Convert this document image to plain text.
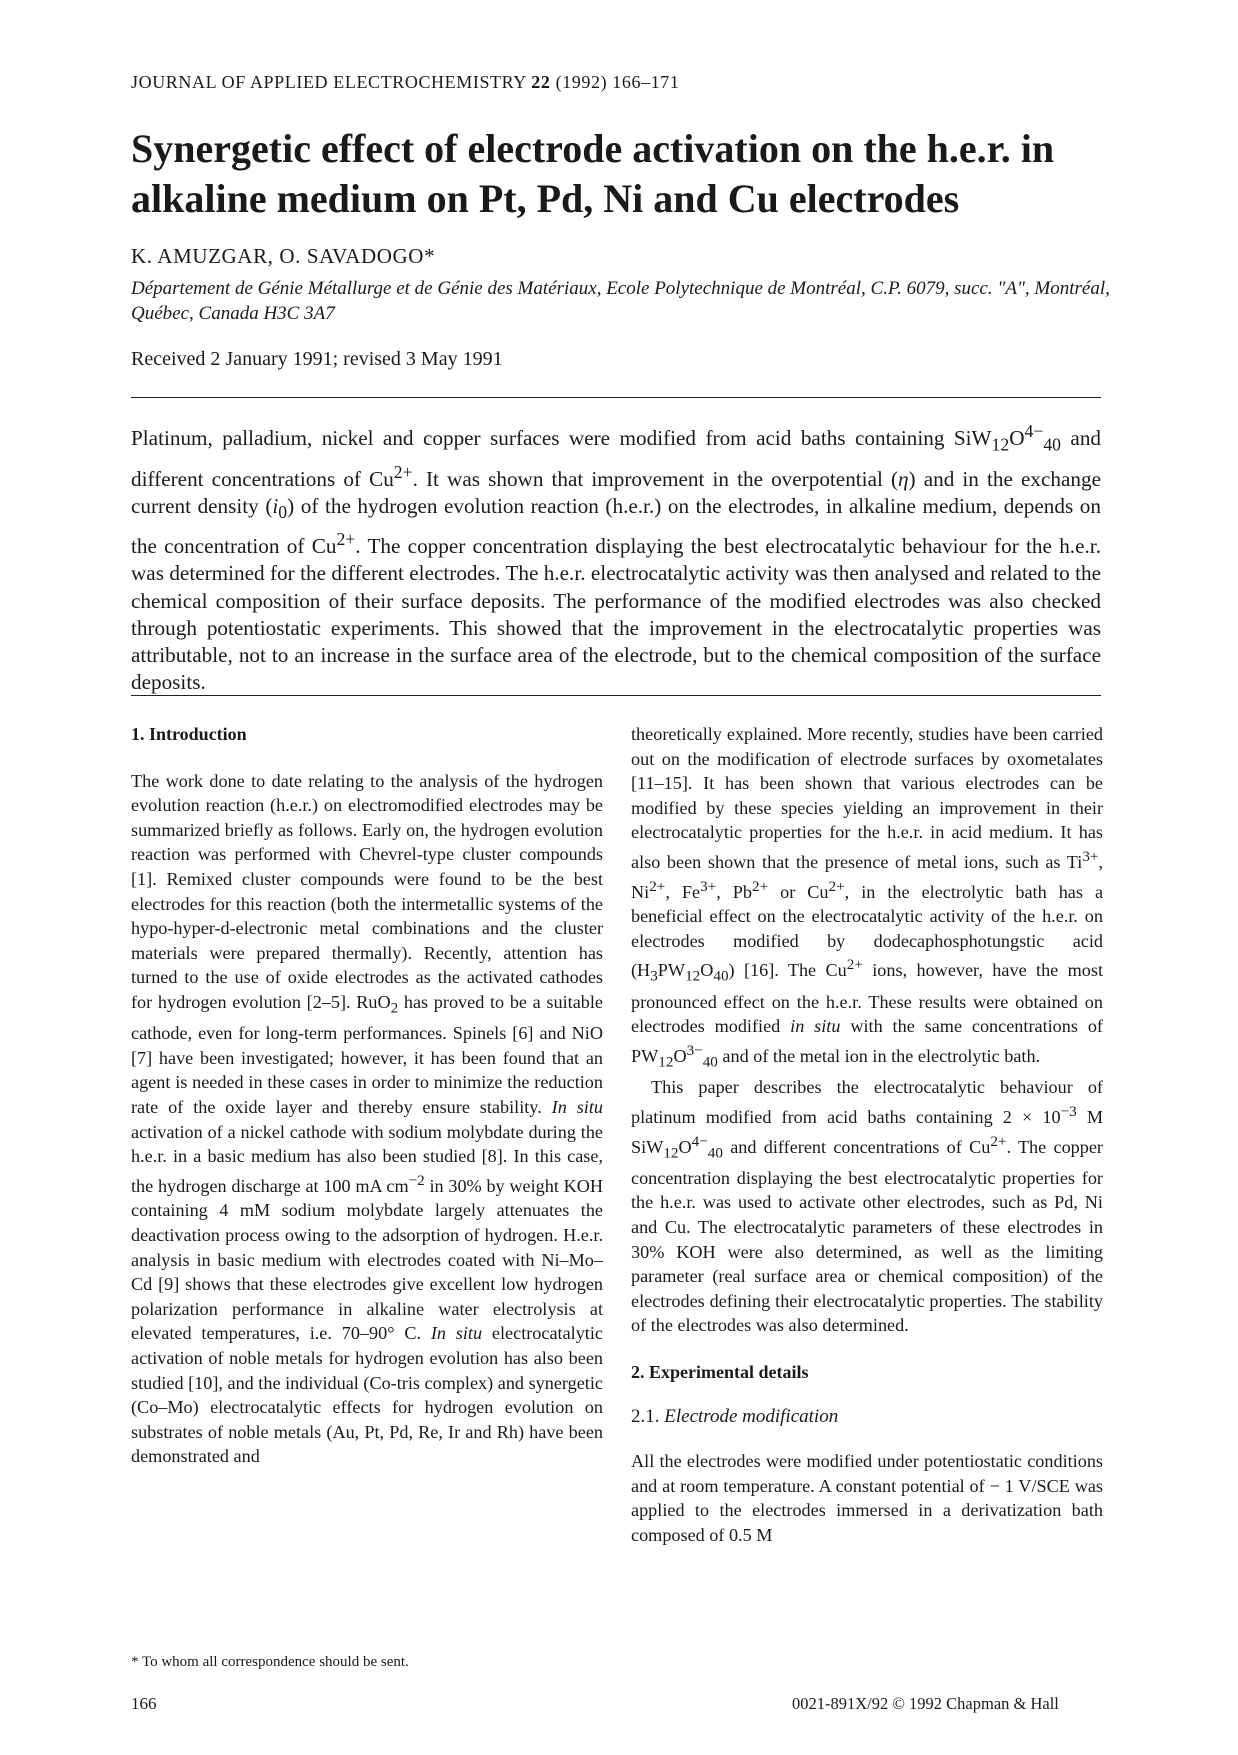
JOURNAL OF APPLIED ELECTROCHEMISTRY 22 (1992) 166–171
Synergetic effect of electrode activation on the h.e.r. in alkaline medium on Pt, Pd, Ni and Cu electrodes
K. AMUZGAR, O. SAVADOGO*
Département de Génie Métallurge et de Génie des Matériaux, Ecole Polytechnique de Montréal, C.P. 6079, succ. "A", Montréal, Québec, Canada H3C 3A7
Received 2 January 1991; revised 3 May 1991
Platinum, palladium, nickel and copper surfaces were modified from acid baths containing $SiW_{12}O^{4-}_{40}$ and different concentrations of $Cu^{2+}$. It was shown that improvement in the overpotential (η) and in the exchange current density $(i_0)$ of the hydrogen evolution reaction (h.e.r.) on the electrodes, in alkaline medium, depends on the concentration of $Cu^{2+}$. The copper concentration displaying the best electrocatalytic behaviour for the h.e.r. was determined for the different electrodes. The h.e.r. electrocatalytic activity was then analysed and related to the chemical composition of their surface deposits. The performance of the modified electrodes was also checked through potentiostatic experiments. This showed that the improvement in the electrocatalytic properties was attributable, not to an increase in the surface area of the electrode, but to the chemical composition of the surface deposits.

1. Introduction

The work done to date relating to the analysis of the hydrogen evolution reaction (h.e.r.) on electromodified electrodes may be summarized briefly as follows. Early on, the hydrogen evolution reaction was performed with Chevrel-type cluster compounds [1]. Remixed cluster compounds were found to be the best electrodes for this reaction (both the intermetallic systems of the hypo-hyper-d-electronic metal combinations and the cluster materials were prepared thermally). Recently, attention has turned to the use of oxide electrodes as the activated cathodes for hydrogen evolution [2–5]. RuO$_2$ has proved to be a suitable cathode, even for long-term performances. Spinels [6] and NiO [7] have been investigated; however, it has been found that an agent is needed in these cases in order to minimize the reduction rate of the oxide layer and thereby ensure stability. In situ activation of a nickel cathode with sodium molybdate during the h.e.r. in a basic medium has also been studied [8]. In this case, the hydrogen discharge at 100 mA $cm^{-2}$ in 30% by weight KOH containing 4 mM sodium molybdate largely attenuates the deactivation process owing to the adsorption of hydrogen. H.e.r. analysis in basic medium with electrodes coated with Ni–Mo–Cd [9] shows that these electrodes give excellent low hydrogen polarization performance in alkaline water electrolysis at elevated temperatures, i.e. 70–90° C. In situ electrocatalytic activation of noble metals for hydrogen evolution has also been studied [10], and the individual (Co-tris complex) and synergetic (Co–Mo) electrocatalytic effects for hydrogen evolution on substrates of noble metals (Au, Pt, Pd, Re, Ir and Rh) have been demonstrated and

theoretically explained. More recently, studies have been carried out on the modification of electrode surfaces by oxometalates [11–15]. It has been shown that various electrodes can be modified by these species yielding an improvement in their electrocatalytic properties for the h.e.r. in acid medium. It has also been shown that the presence of metal ions, such as $Ti^{3+}$, $Ni^{2+}$, $Fe^{3+}$, $Pb^{2+}$ or $Cu^{2+}$, in the electrolytic bath has a beneficial effect on the electrocatalytic activity of the h.e.r. on electrodes modified by dodecaphosphotungstic acid $(H_3PW_{12}O_{40})$ [16]. The $Cu^{2+}$ ions, however, have the most pronounced effect on the h.e.r. These results were obtained on electrodes modified in situ with the same concentrations of $PW_{12}O^{3-}_{40}$ and of the metal ion in the electrolytic bath.

This paper describes the electrocatalytic behaviour of platinum modified from acid baths containing $2 \times 10^{-3}$ M $SiW_{12}O^{4-}_{40}$ and different concentrations of $Cu^{2+}$. The copper concentration displaying the best electrocatalytic properties for the h.e.r. was used to activate other electrodes, such as Pd, Ni and Cu. The electrocatalytic parameters of these electrodes in 30% KOH were also determined, as well as the limiting parameter (real surface area or chemical composition) of the electrodes defining their electrocatalytic properties. The stability of the electrodes was also determined.

2. Experimental details

2.1. Electrode modification

All the electrodes were modified under potentiostatic conditions and at room temperature. A constant potential of − 1 V/SCE was applied to the electrodes immersed in a derivatization bath composed of 0.5 M

* To whom all correspondence should be sent.
166	0021-891X/92 © 1992 Chapman & Hall
